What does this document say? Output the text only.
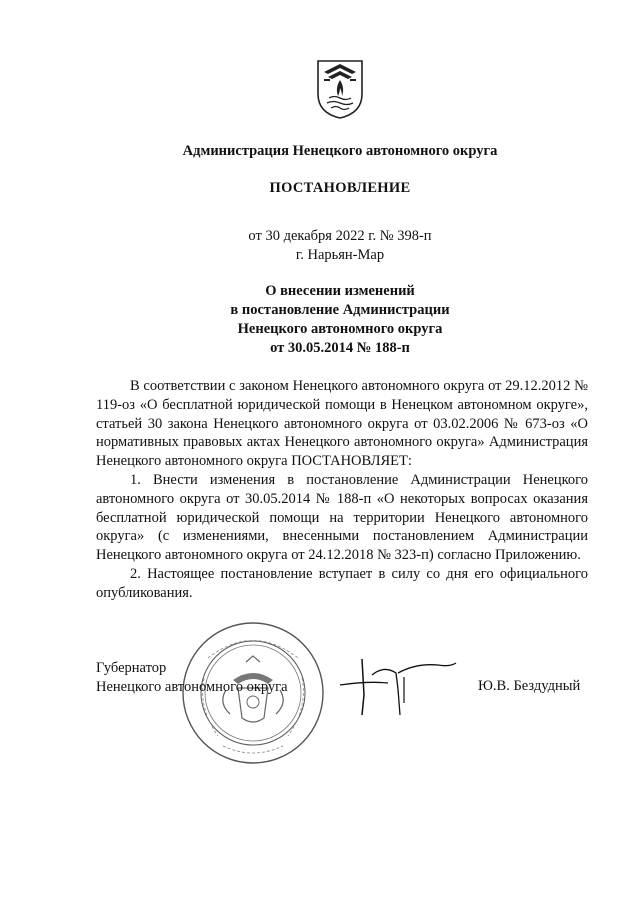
Администрация Ненецкого автономного округа
ПОСТАНОВЛЕНИЕ
от 30 декабря 2022 г. № 398-п
г. Нарьян-Мар
О внесении изменений
в постановление Администрации
Ненецкого автономного округа
от 30.05.2014 № 188-п

В соответствии с законом Ненецкого автономного округа от 29.12.2012 № 119-оз «О бесплатной юридической помощи в Ненецком автономном округе», статьей 30 закона Ненецкого автономного округа от 03.02.2006 № 673-оз «О нормативных правовых актах Ненецкого автономного округа» Администрация Ненецкого автономного округа ПОСТАНОВЛЯЕТ:

1. Внести изменения в постановление Администрации Ненецкого автономного округа от 30.05.2014 № 188-п «О некоторых вопросах оказания бесплатной юридической помощи на территории Ненецкого автономного округа» (с изменениями, внесенными постановлением Администрации Ненецкого автономного округа от 24.12.2018 № 323-п) согласно Приложению.

2. Настоящее постановление вступает в силу со дня его официального опубликования.

Губернатор
Ненецкого автономного округа	Ю.В. Бездудный
